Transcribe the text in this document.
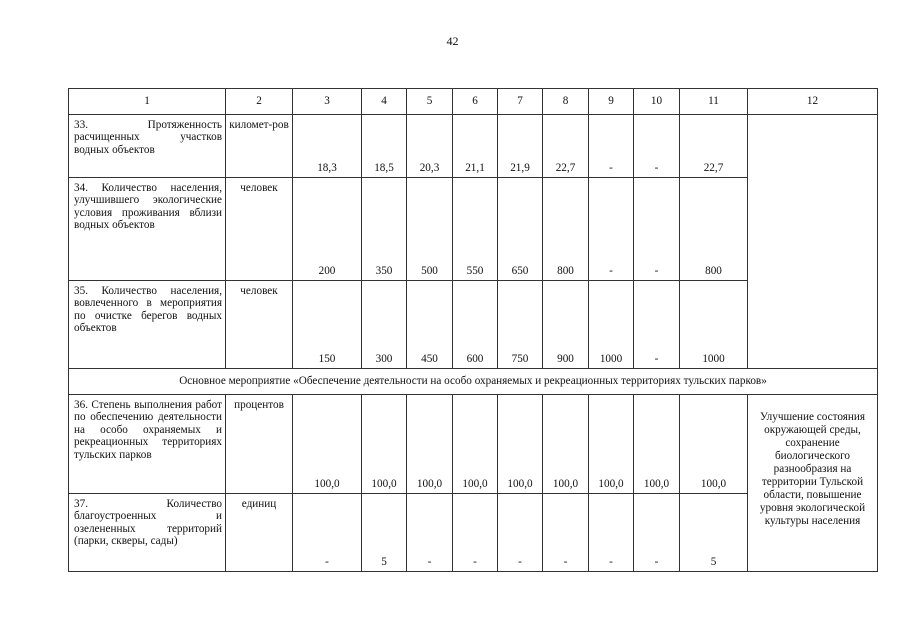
42
1	2	3	4	5	6	7	8	9	10	11	12
33. Протяженность расчищенных участков водных объектов	километ-ров	18,3	18,5	20,3	21,1	21,9	22,7	-	-	22,7	
34. Количество населения, улучшившего экологические условия проживания вблизи водных объектов	человек	200	350	500	550	650	800	-	-	800	
35. Количество населения, вовлеченного в мероприятия по очистке берегов водных объектов	человек	150	300	450	600	750	900	1000	-	1000	
Основное мероприятие «Обеспечение деятельности на особо охраняемых и рекреационных территориях тульских парков»											
36. Степень выполнения работ по обеспечению деятельности на особо охраняемых и рекреационных территориях тульских парков	процентов	100,0	100,0	100,0	100,0	100,0	100,0	100,0	100,0	100,0	Улучшение состояния окружающей среды, сохранение биологического разнообразия на территории Тульской области, повышение уровня экологической культуры населения
37. Количество благоустроенных и озелененных территорий (парки, скверы, сады)	единиц	-	5	-	-	-	-	-	-	5	
